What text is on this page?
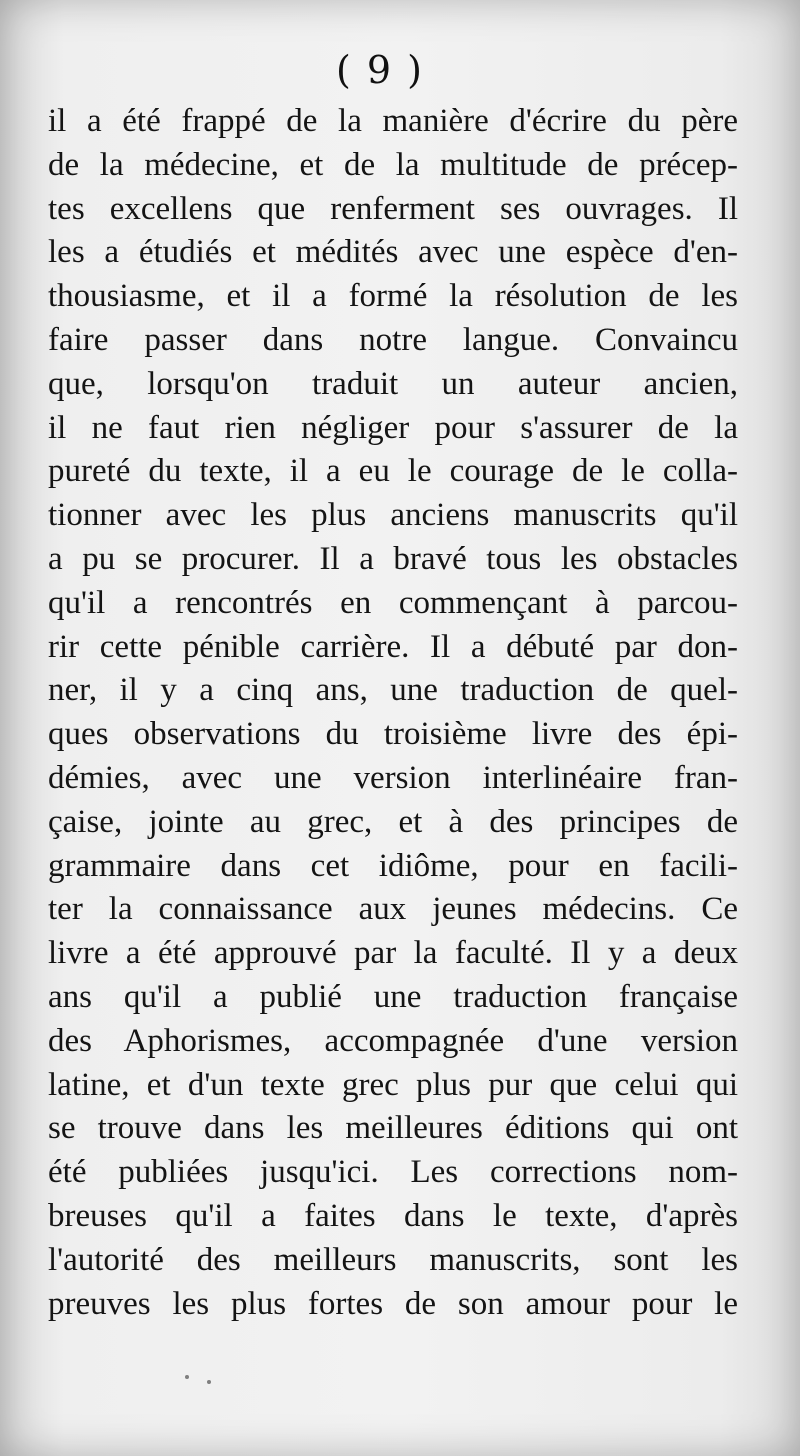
( 9 )
il a été frappé de la manière d'écrire du père
de la médecine, et de la multitude de précep-
tes excellens que renferment ses ouvrages. Il
les a étudiés et médités avec une espèce d'en-
thousiasme, et il a formé la résolution de les
faire passer dans notre langue. Convaincu
que, lorsqu'on traduit un auteur ancien,
il ne faut rien négliger pour s'assurer de la
pureté du texte, il a eu le courage de le colla-
tionner avec les plus anciens manuscrits qu'il
a pu se procurer. Il a bravé tous les obstacles
qu'il a rencontrés en commençant à parcou-
rir cette pénible carrière. Il a débuté par don-
ner, il y a cinq ans, une traduction de quel-
ques observations du troisième livre des épi-
démies, avec une version interlinéaire fran-
çaise, jointe au grec, et à des principes de
grammaire dans cet idiôme, pour en facili-
ter la connaissance aux jeunes médecins. Ce
livre a été approuvé par la faculté. Il y a deux
ans qu'il a publié une traduction française
des Aphorismes, accompagnée d'une version
latine, et d'un texte grec plus pur que celui qui
se trouve dans les meilleures éditions qui ont
été publiées jusqu'ici. Les corrections nom-
breuses qu'il a faites dans le texte, d'après
l'autorité des meilleurs manuscrits, sont les
preuves les plus fortes de son amour pour le
